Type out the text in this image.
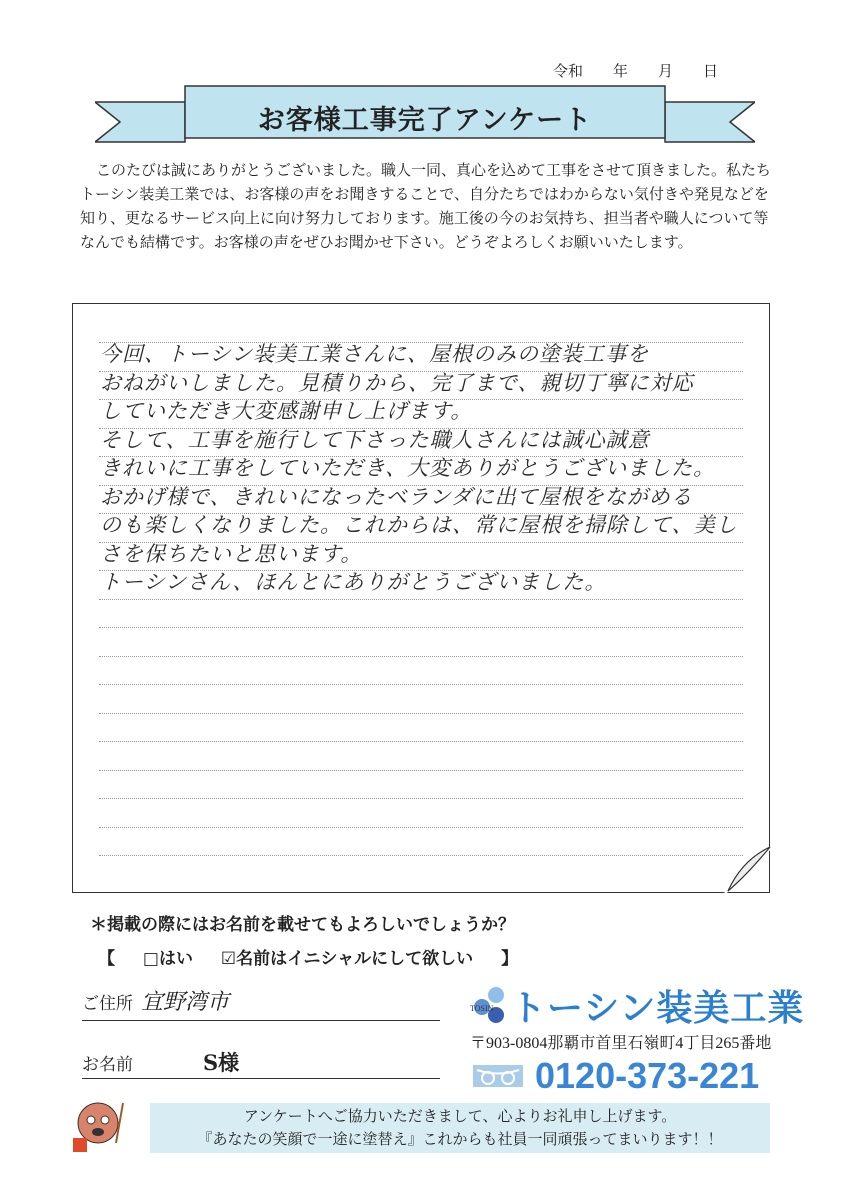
令和 年 月 日
お客様工事完了アンケート

このたびは誠にありがとうございました。職人一同、真心を込めて工事をさせて頂きました。私たちトーシン装美工業では、お客様の声をお聞きすることで、自分たちではわからない気付きや発見などを知り、更なるサービス向上に向け努力しております。施工後の今のお気持ち、担当者や職人について等なんでも結構です。お客様の声をぜひお聞かせ下さい。どうぞよろしくお願いいたします。

今回、トーシン装美工業さんに、屋根のみの塗装工事を
おねがいしました。見積りから、完了まで、親切丁寧に対応
していただき大変感謝申し上げます。
そして、工事を施行して下さった職人さんには誠心誠意
きれいに工事をしていただき、大変ありがとうございました。
おかげ様で、きれいになったベランダに出て屋根をながめる
のも楽しくなりました。これからは、常に屋根を掃除して、美し
さを保ちたいと思います。
トーシンさん、ほんとにありがとうございました。
＊掲載の際にはお名前を載せてもよろしいでしょうか？
【 □はい ☑名前はイニシャルにして欲しい 】
ご住所 宜野湾市
お名前	S様
TOSIN トーシン装美工業
〒903-0804那覇市首里石嶺町4丁目265番地
0120-373-221
アンケートへご協力いただきまして、心よりお礼申し上げます。
『あなたの笑顔で一途に塗替え』これからも社員一同頑張ってまいります！！
